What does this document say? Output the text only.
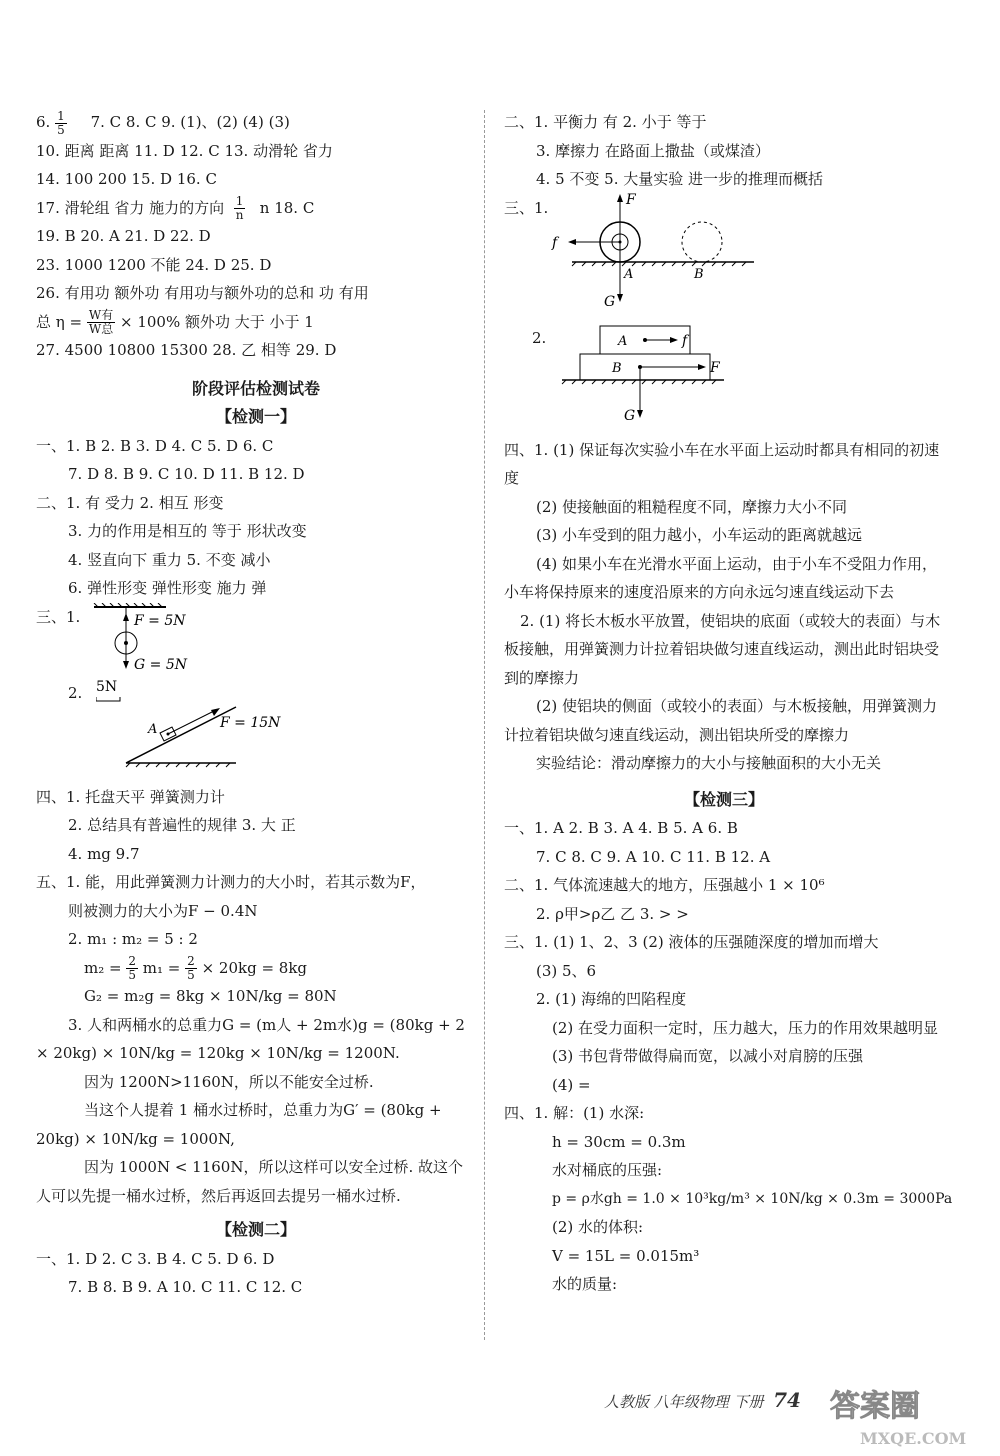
6. $\frac{1}{5} 7$. C 8. C 9. (1)、(2) (4) (3)
10. 距离 距离 11. D 12. C 13. 动滑轮 省力
14. 100 200 15. D 16. C
17. 滑轮组 省力 施力的方向 $\frac{1}{n}$ n 18. C
19. B 20. A 21. D 22. D
23. 1000 1200 不能 24. D 25. D
26. 有用功 额外功 有用功与额外功的总和 功 有用
总 $\eta = \frac{\text{W有}}{\text{W总}} \times 100\%$ 额外功 大于 小于 1
27. 4500 10800 15300 28. 乙 相等 29. D
阶段评估检测试卷
【检测一】
一、1. B 2. B 3. D 4. C 5. D 6. C
7. D 8. B 9. C 10. D 11. B 12. D
二、1. 有 受力 2. 相互 形变
3. 力的作用是相互的 等于 形状改变
4. 竖直向下 重力 5. 不变 减小
6. 弹性形变 弹性形变 施力 弹
三、1.	F = 5N
G = 5N
2. 5N
A	F = 15N
四、1. 托盘天平 弹簧测力计
2. 总结具有普遍性的规律 3. 大 正
4. mg 9.7
五、1. 能，用此弹簧测力计测力的大小时，若其示数为F，
则被测力的大小为F − 0.4N
2. m₁ : m₂ = 5 : 2
$m_2 = \frac{2}{5} m_1 = \frac{2}{5} \times 20kg = 8kg$
G₂ = m₂g = 8kg × 10N/kg = 80N
3. 人和两桶水的总重力G = (m人 + 2m水)g = (80kg + 2
× 20kg) × 10N/kg = 120kg × 10N/kg = 1200N.
因为 1200N>1160N，所以不能安全过桥.
当这个人提着 1 桶水过桥时，总重力为G′ = (80kg +
20kg) × 10N/kg = 1000N,
因为 1000N < 1160N，所以这样可以安全过桥. 故这个
人可以先提一桶水过桥，然后再返回去提另一桶水过桥.
【检测二】
一、1. D 2. C 3. B 4. C 5. D 6. D
7. B 8. B 9. A 10. C 11. C 12. C
二、1. 平衡力 有 2. 小于 等于
3. 摩擦力 在路面上撒盐（或煤渣）
4. 5 不变 5. 大量实验 进一步的推理而概括
三、1.	F
f
A	B
G
2.	A	f
B	F
G
四、1. (1) 保证每次实验小车在水平面上运动时都具有相同的初速度
(2) 使接触面的粗糙程度不同，摩擦力大小不同
(3) 小车受到的阻力越小，小车运动的距离就越远
(4) 如果小车在光滑水平面上运动，由于小车不受阻力作用，小车将保持原来的速度沿原来的方向永远匀速直线运动下去
2. (1) 将长木板水平放置，使铝块的底面（或较大的表面）与木板接触，用弹簧测力计拉着铝块做匀速直线运动，测出此时铝块受到的摩擦力
(2) 使铝块的侧面（或较小的表面）与木板接触，用弹簧测力计拉着铝块做匀速直线运动，测出铝块所受的摩擦力
实验结论：滑动摩擦力的大小与接触面积的大小无关
【检测三】
一、1. A 2. B 3. A 4. B 5. A 6. B
7. C 8. C 9. A 10. C 11. B 12. A
二、1. 气体流速越大的地方，压强越小 1 × 10⁶
2. ρ甲>ρ乙 乙 3. > >
三、1. (1) 1、2、3 (2) 液体的压强随深度的增加而增大
(3) 5、6
2. (1) 海绵的凹陷程度
(2) 在受力面积一定时，压力越大，压力的作用效果越明显
(3) 书包背带做得扁而宽，以减小对肩膀的压强
(4) =
四、1. 解：(1) 水深:
h = 30cm = 0.3m
水对桶底的压强:
p = ρ水gh = 1.0 × 10³kg/m³ × 10N/kg × 0.3m = 3000Pa
(2) 水的体积:
V = 15L = 0.015m³
水的质量:
人教版 八年级物理 下册 74 答案圈
MXQE.COM
